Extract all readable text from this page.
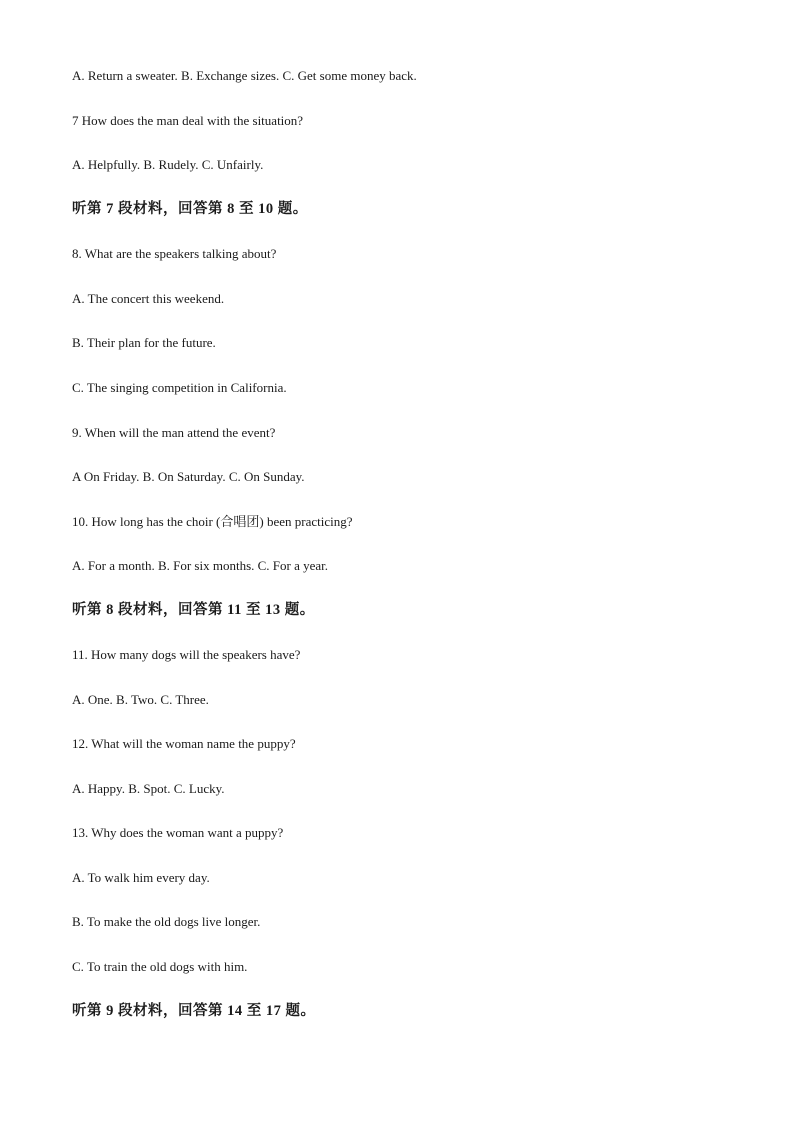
A. Return a sweater. B. Exchange sizes. C. Get some money back.
7 How does the man deal with the situation?
A. Helpfully. B. Rudely. C. Unfairly.
听第 7 段材料，回答第 8 至 10 题。
8. What are the speakers talking about?
A. The concert this weekend.
B. Their plan for the future.
C. The singing competition in California.
9. When will the man attend the event?
A On Friday. B. On Saturday. C. On Sunday.
10. How long has the choir (合唱团) been practicing?
A. For a month. B. For six months. C. For a year.
听第 8 段材料，回答第 11 至 13 题。
11. How many dogs will the speakers have?
A. One. B. Two. C. Three.
12. What will the woman name the puppy?
A. Happy. B. Spot. C. Lucky.
13. Why does the woman want a puppy?
A. To walk him every day.
B. To make the old dogs live longer.
C. To train the old dogs with him.
听第 9 段材料，回答第 14 至 17 题。
